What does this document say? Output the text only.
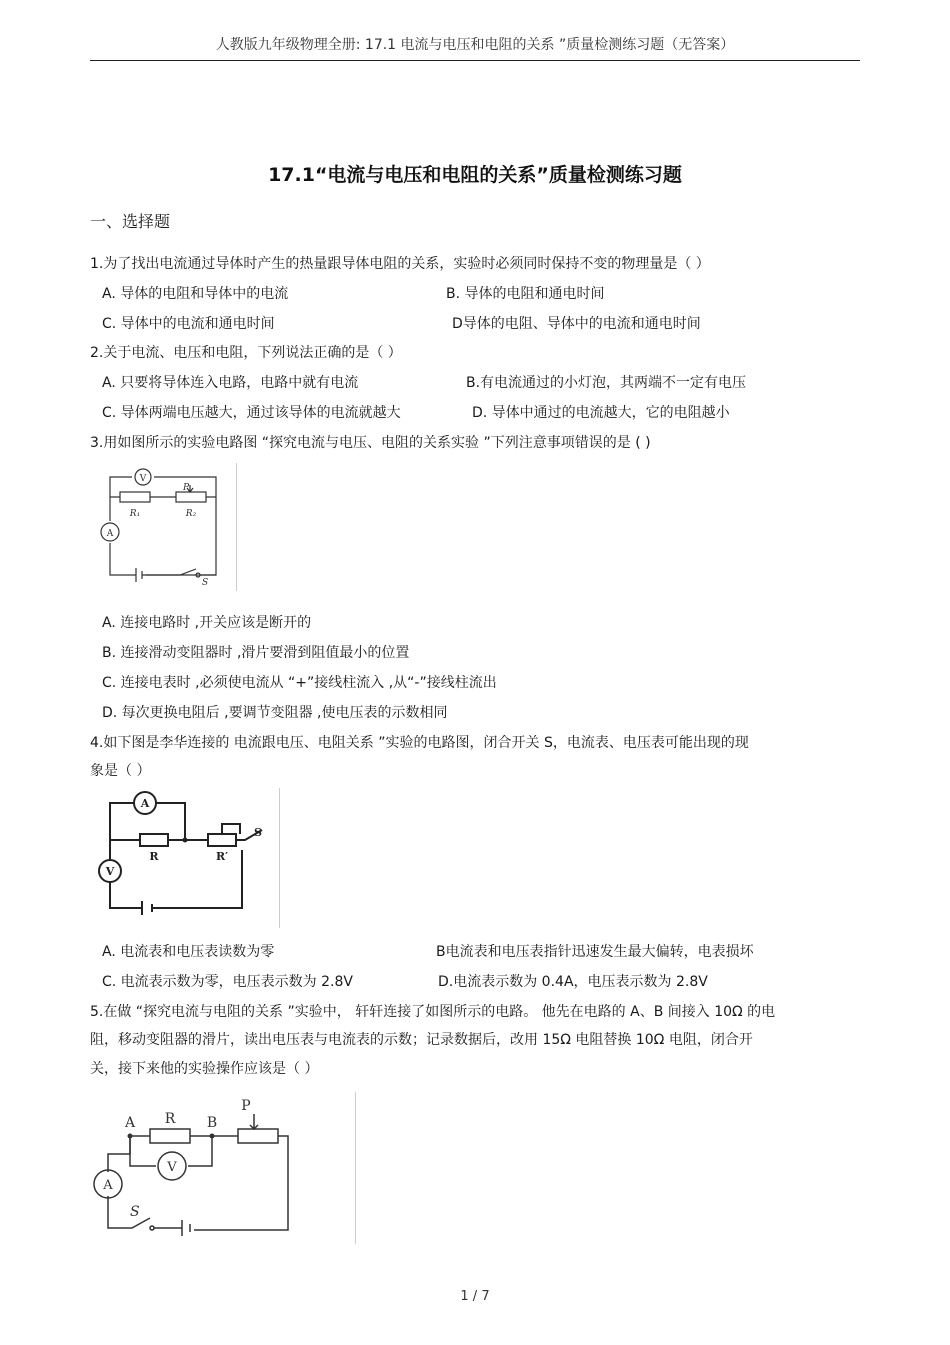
人教版九年级物理全册: 17.1 电流与电压和电阻的关系 ”质量检测练习题（无答案）
17.1“电流与电压和电阻的关系”质量检测练习题
一、选择题
1.为了找出电流通过导体时产生的热量跟导体电阻的关系，实验时必须同时保持不变的物理量是（ ）
A. 导体的电阻和导体中的电流	B. 导体的电阻和通电时间
C. 导体中的电流和通电时间	D导体的电阻、导体中的电流和通电时间
2.关于电流、电压和电阻，下列说法正确的是（ ）
A. 只要将导体连入电路，电路中就有电流	B.有电流通过的小灯泡，其两端不一定有电压
C. 导体两端电压越大，通过该导体的电流就越大	D. 导体中通过的电流越大，它的电阻越小
3.用如图所示的实验电路图 “探究电流与电压、电阻的关系实验 ”下列注意事项错误的是 ( )
V
A
R₁	R₂
P
S
A. 连接电路时 ,开关应该是断开的
B. 连接滑动变阻器时 ,滑片要滑到阻值最小的位置
C. 连接电表时 ,必须使电流从 “+”接线柱流入 ,从“-”接线柱流出
D. 每次更换电阻后 ,要调节变阻器 ,使电压表的示数相同
4.如下图是李华连接的 电流跟电压、电阻关系 ”实验的电路图，闭合开关 S，电流表、电压表可能出现的现
象是（ ）
A
V
R	R′
S
A. 电流表和电压表读数为零	B电流表和电压表指针迅速发生最大偏转，电表损坏
C. 电流表示数为零，电压表示数为 2.8V	D.电流表示数为 0.4A，电压表示数为 2.8V
5.在做 “探究电流与电阻的关系 ”实验中， 轩轩连接了如图所示的电路。 他先在电路的 A、B 间接入 10Ω 的电
阻，移动变阻器的滑片，读出电压表与电流表的示数；记录数据后，改用 15Ω 电阻替换 10Ω 电阻，闭合开
关，接下来他的实验操作应该是（ ）
A	B
R
P
V
A
S
1 / 7
